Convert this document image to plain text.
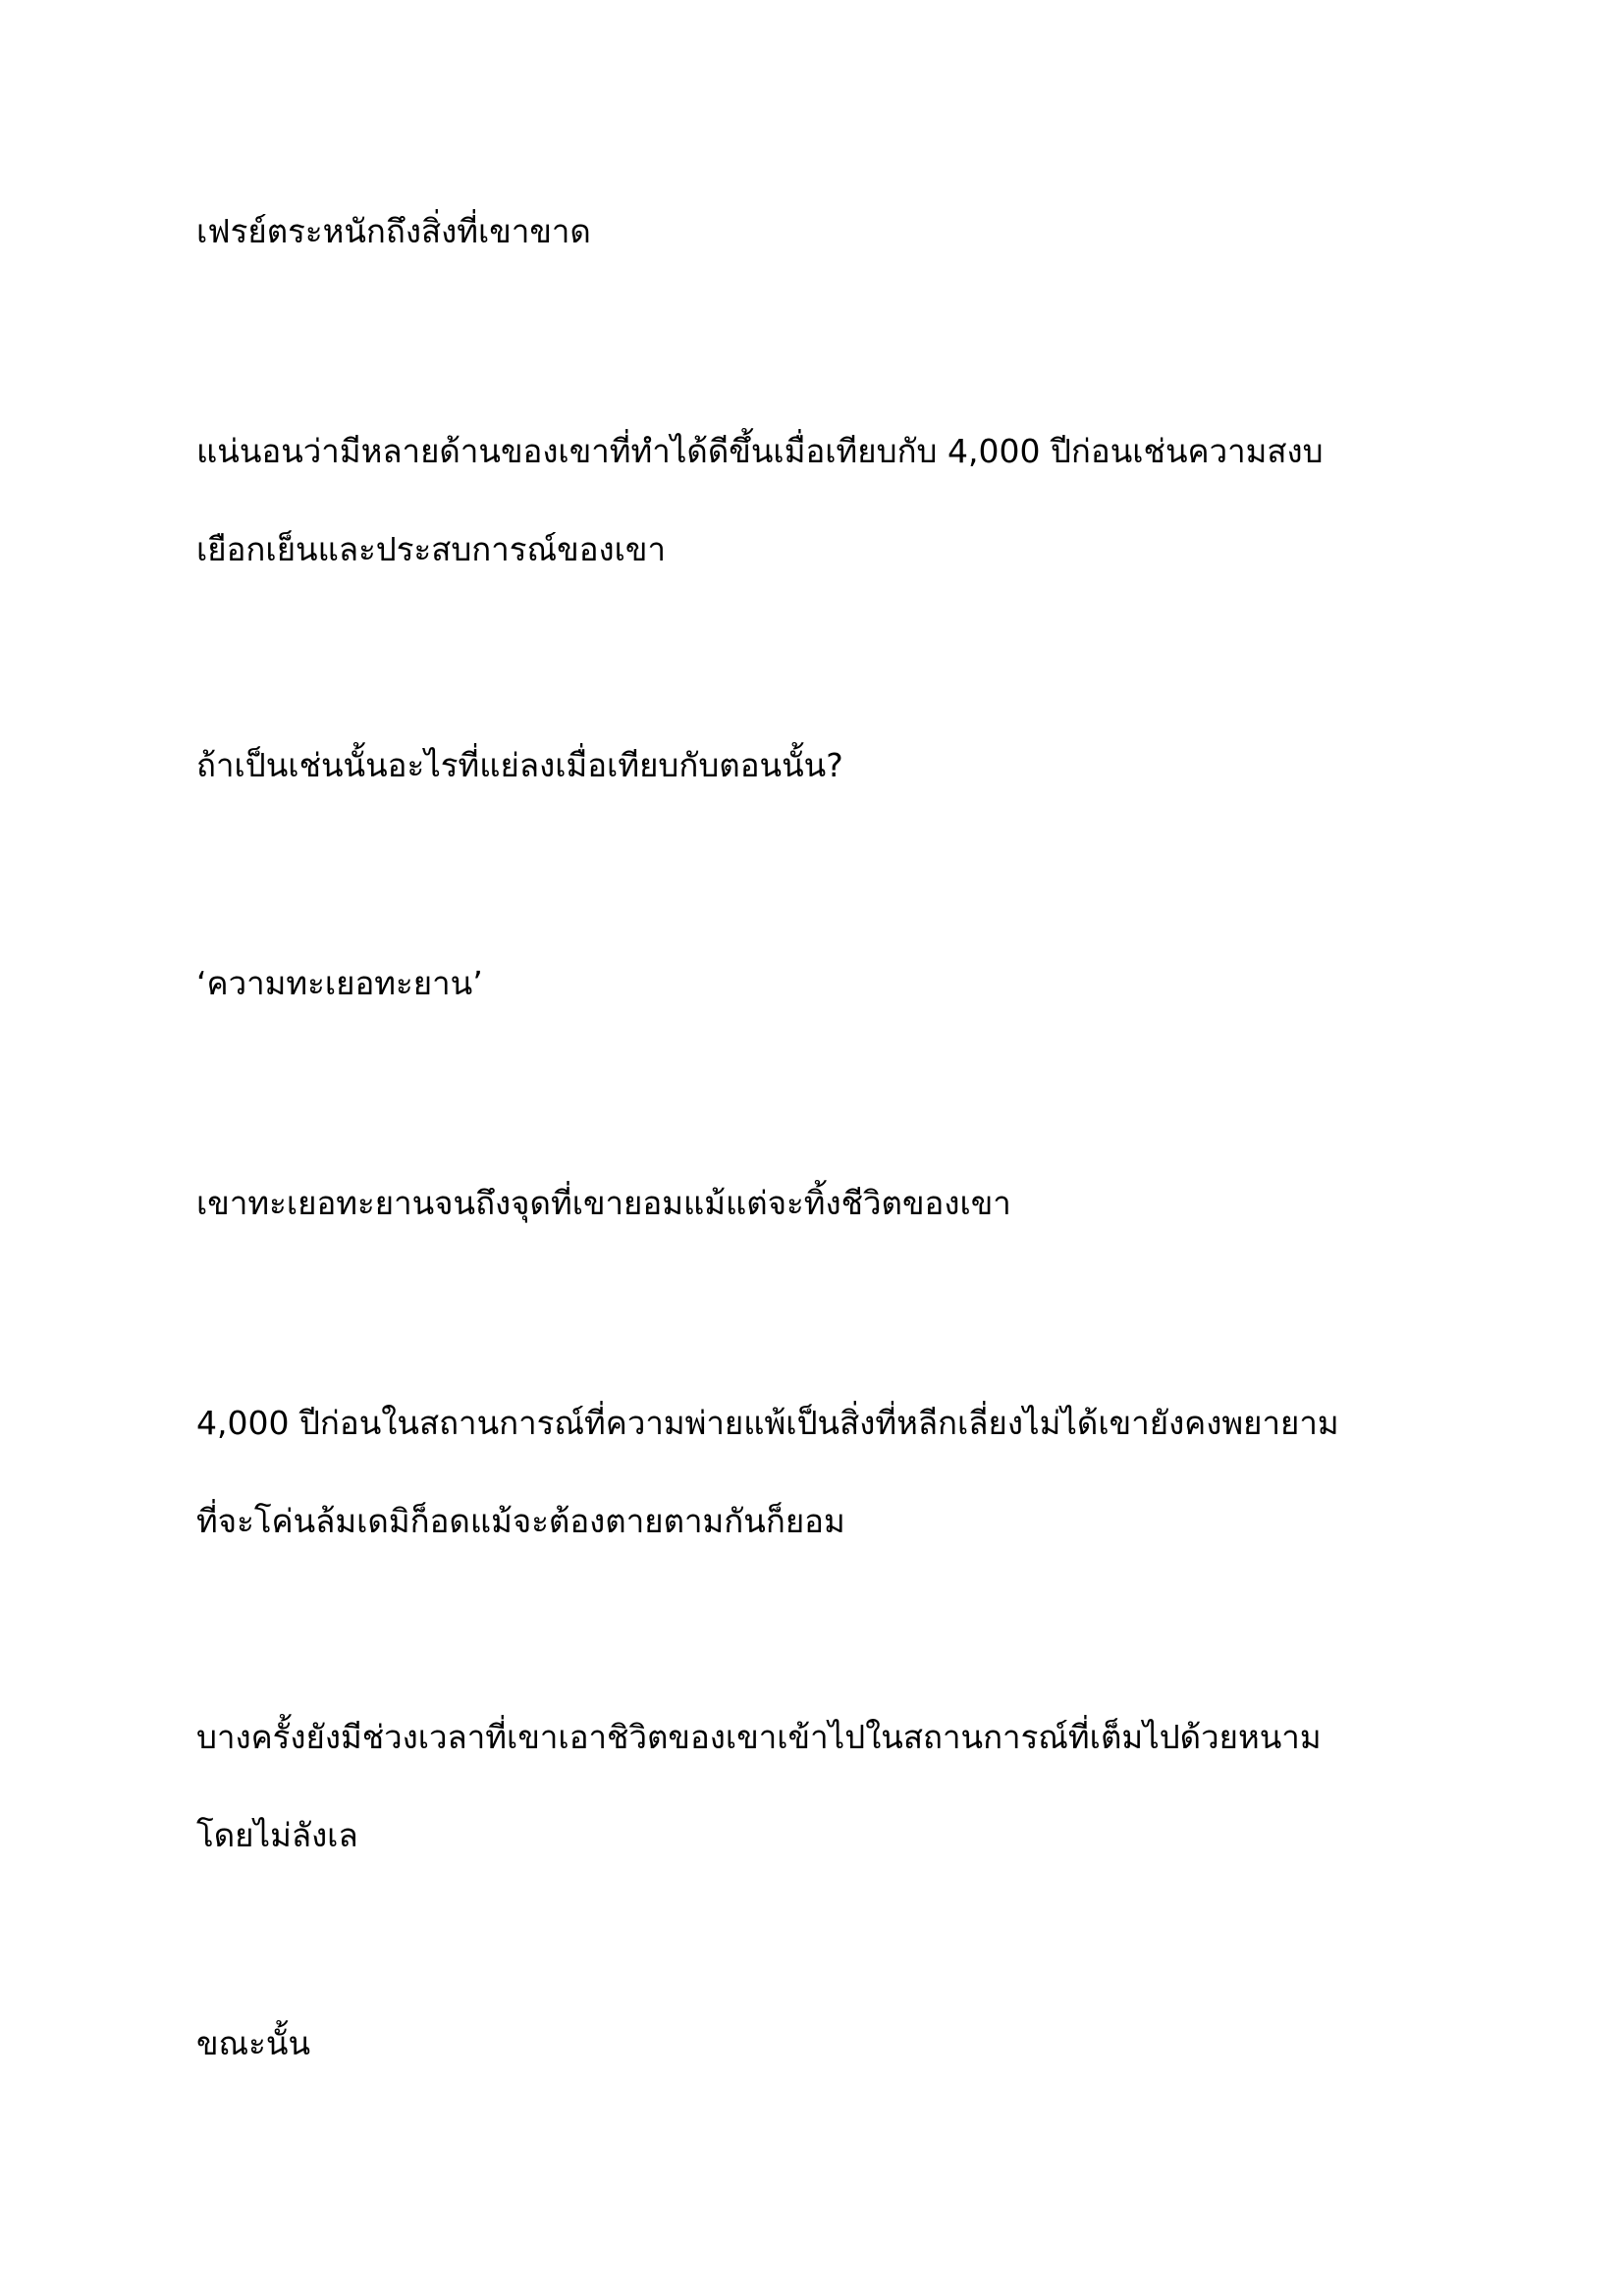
เฟรย์ตระหนักถึงสิ่งที่เขาขาด
แน่นอนว่ามีหลายด้านของเขาที่ทำได้ดีขึ้นเมื่อเทียบกับ 4,000 ปีก่อนเช่นความสงบ
เยือกเย็นและประสบการณ์ของเขา
ถ้าเป็นเช่นนั้นอะไรที่แย่ลงเมื่อเทียบกับตอนนั้น?
‘ความทะเยอทะยาน’
เขาทะเยอทะยานจนถึงจุดที่เขายอมแม้แต่จะทิ้งชีวิตของเขา
4,000 ปีก่อนในสถานการณ์ที่ความพ่ายแพ้เป็นสิ่งที่หลีกเลี่ยงไม่ได้เขายังคงพยายาม
ที่จะโค่นล้มเดมิก็อดแม้จะต้องตายตามกันก็ยอม
บางครั้งยังมีช่วงเวลาที่เขาเอาชิวิตของเขาเข้าไปในสถานการณ์ที่เต็มไปด้วยหนาม
โดยไม่ลังเล
ขณะนั้น
